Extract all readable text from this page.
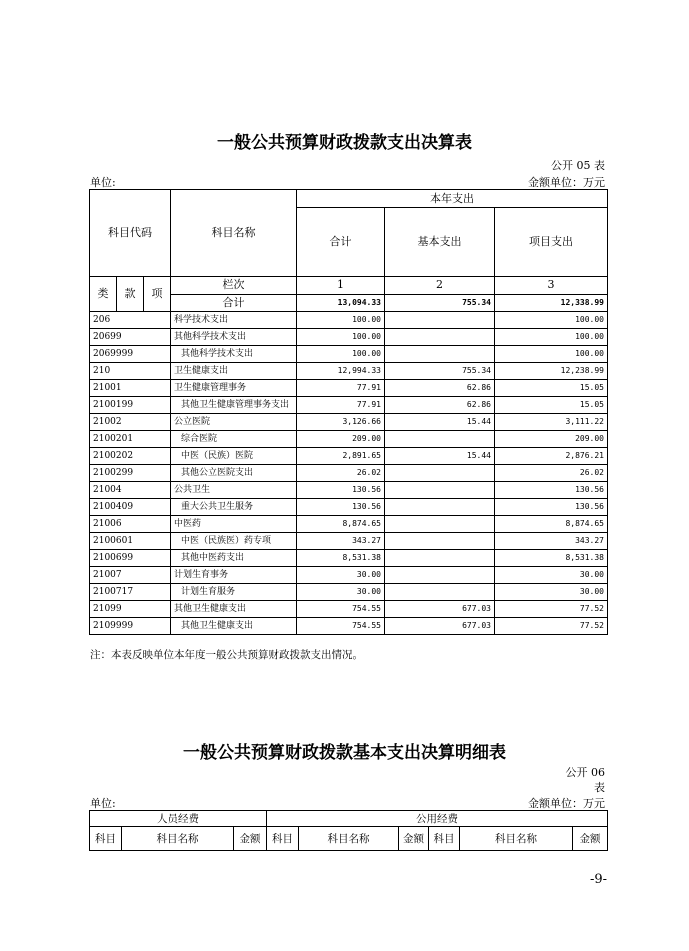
一般公共预算财政拨款支出决算表
公开 05 表
单位:	金额单位：万元
科目代码			科目名称	本年支出		
				合计	基本支出	项目支出

类	款	项	栏次	1	2	3
			合计	13,094.33	755.34	12,338.99
206			科学技术支出	100.00		100.00
20699			其他科学技术支出	100.00		100.00
2069999			其他科学技术支出	100.00		100.00
210			卫生健康支出	12,994.33	755.34	12,238.99
21001			卫生健康管理事务	77.91	62.86	15.05
2100199			其他卫生健康管理事务支出	77.91	62.86	15.05
21002			公立医院	3,126.66	15.44	3,111.22
2100201			综合医院	209.00		209.00
2100202			中医（民族）医院	2,891.65	15.44	2,876.21
2100299			其他公立医院支出	26.02		26.02
21004			公共卫生	130.56		130.56
2100409			重大公共卫生服务	130.56		130.56
21006			中医药	8,874.65		8,874.65
2100601			中医（民族医）药专项	343.27		343.27
2100699			其他中医药支出	8,531.38		8,531.38
21007			计划生育事务	30.00		30.00
2100717			计划生育服务	30.00		30.00
21099			其他卫生健康支出	754.55	677.03	77.52
2109999			其他卫生健康支出	754.55	677.03	77.52
注：本表反映单位本年度一般公共预算财政拨款支出情况。
一般公共预算财政拨款基本支出决算明细表
公开 06
表
单位:	金额单位：万元
人员经费			公用经费					
科目	科目名称	金额	科目	科目名称	金额	科目	科目名称	金额
-9-
